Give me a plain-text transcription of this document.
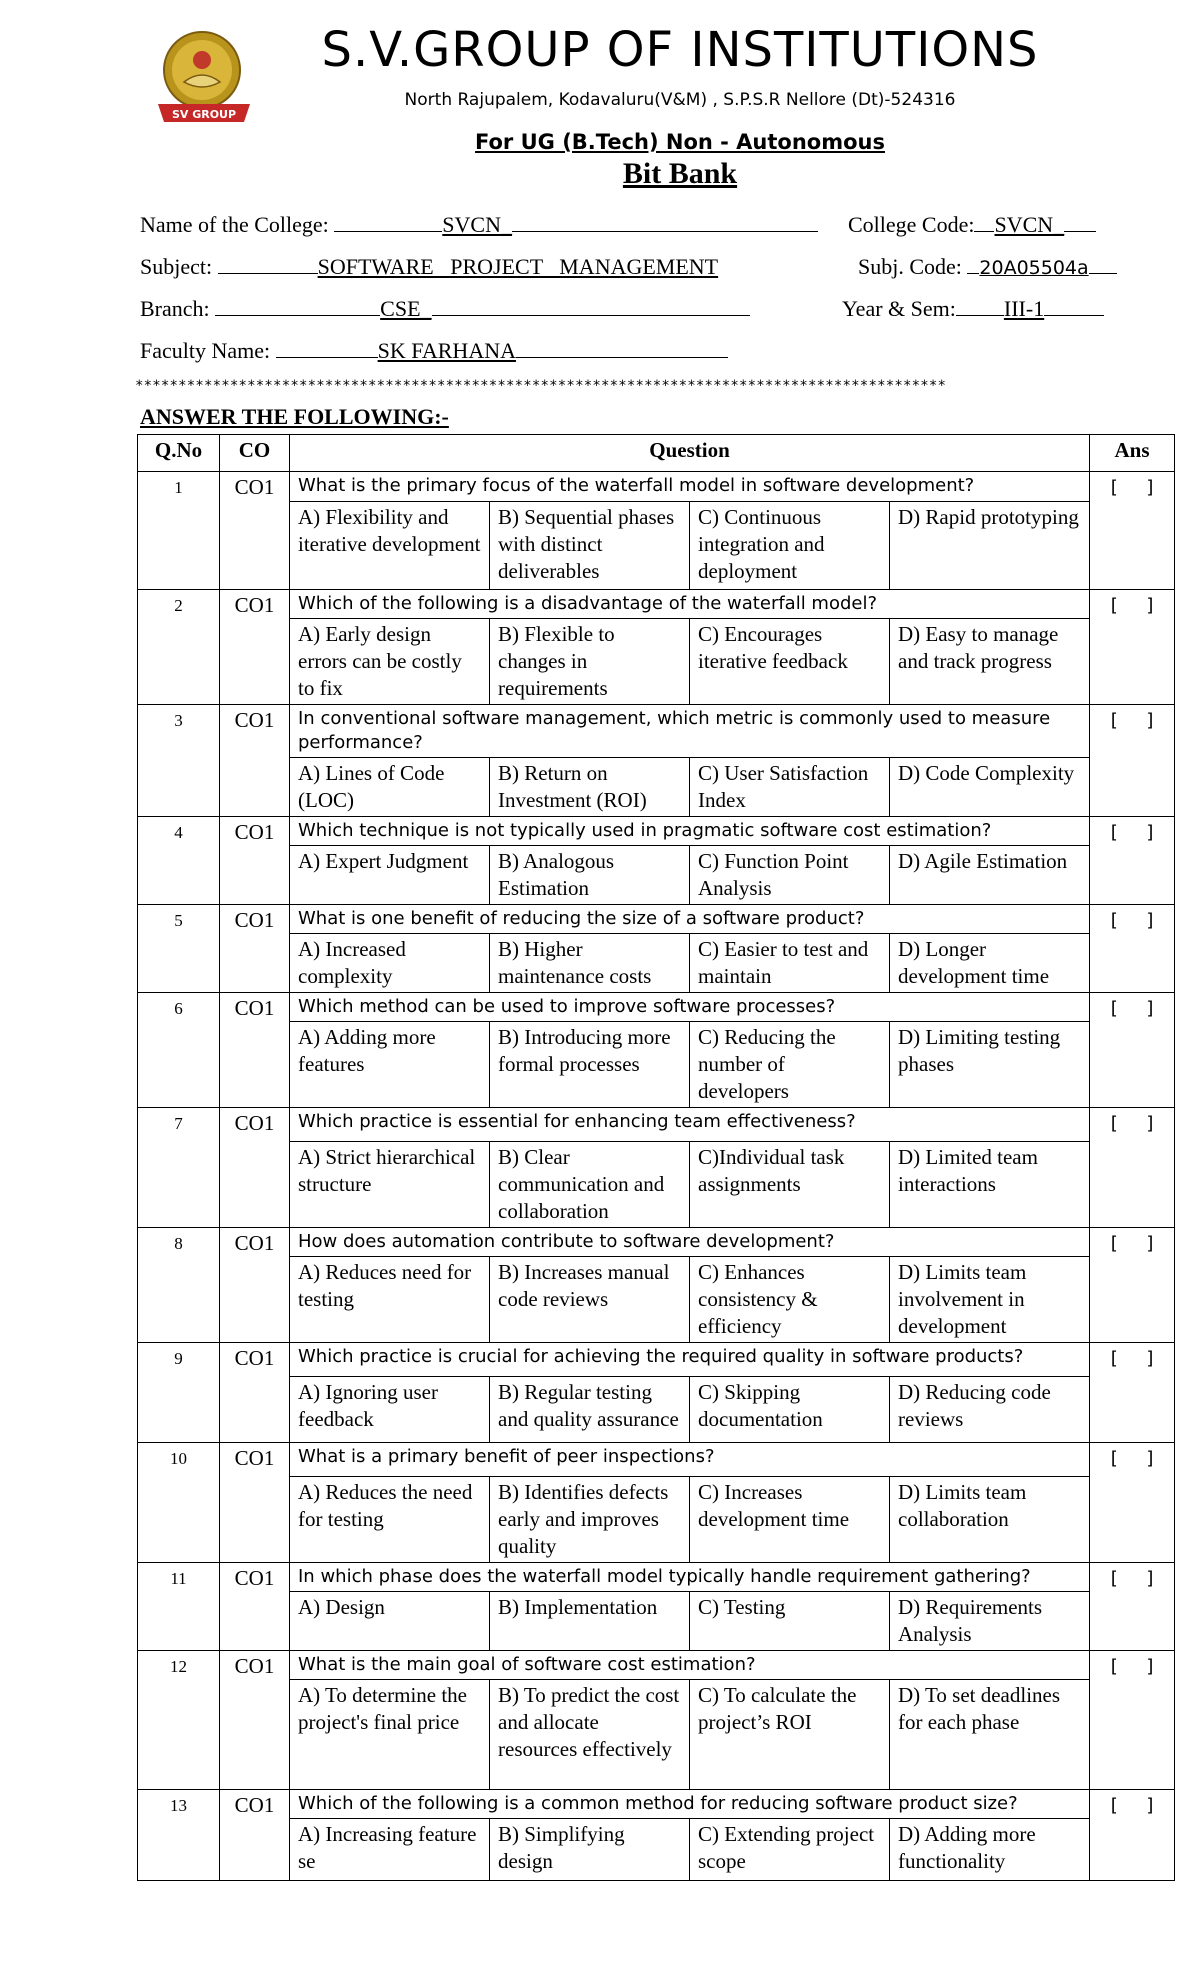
SV GROUP
S.V.GROUP OF INSTITUTIONS
North Rajupalem, Kodavaluru(V&M) , S.P.S.R Nellore (Dt)-524316
For UG (B.Tech) Non - Autonomous
Bit Bank
Name of the College:	SVCN_	College Code: SVCN_
Subject:	SOFTWARE   PROJECT   MANAGEMENT	Subj. Code: 20A05504a
Branch:	CSE_	Year & Sem: III-1
Faculty Name:	SK FARHANA
**********************************************************************************************
ANSWER THE FOLLOWING:-
Q.No	CO	Question				Ans
1	CO1	What is the primary focus of the waterfall model in software development?				[     ]
		A) Flexibility and iterative development	B) Sequential phases with distinct deliverables	C) Continuous integration and deployment	D) Rapid prototyping	
2	CO1	Which of the following is a disadvantage of the waterfall model?				[     ]
		A) Early design errors can be costly to fix	B) Flexible to changes in requirements	C) Encourages iterative feedback	D) Easy to manage and track progress	
3	CO1	In conventional software management, which metric is commonly used to measure performance?				[     ]
		A) Lines of Code (LOC)	B) Return on Investment (ROI)	C) User Satisfaction Index	D) Code Complexity	
4	CO1	Which technique is not typically used in pragmatic software cost estimation?				[     ]
		A) Expert Judgment	B) Analogous Estimation	C) Function Point Analysis	D) Agile Estimation	
5	CO1	What is one benefit of reducing the size of a software product?				[     ]
		A) Increased complexity	B) Higher maintenance costs	C) Easier to test and maintain	D) Longer development time	
6	CO1	Which method can be used to improve software processes?				[     ]
		A) Adding more features	B) Introducing more formal processes	C) Reducing the number of developers	D) Limiting testing phases	
7	CO1	Which practice is essential for enhancing team effectiveness?				[     ]
		A) Strict hierarchical structure	B) Clear communication and collaboration	C)Individual task assignments	D) Limited team interactions	
8	CO1	How does automation contribute to software development?				[     ]
		A) Reduces need for testing	B) Increases manual code reviews	C) Enhances consistency & efficiency	D) Limits team involvement in development	
9	CO1	Which practice is crucial for achieving the required quality in software products?				[     ]
		A) Ignoring user feedback	B) Regular testing and quality assurance	C) Skipping documentation	D) Reducing code reviews	
10	CO1	What is a primary benefit of peer inspections?				[     ]
		A) Reduces the need for testing	B) Identifies defects early and improves quality	C) Increases development time	D) Limits team collaboration	
11	CO1	In which phase does the waterfall model typically handle requirement gathering?				[     ]
		A) Design	B) Implementation	C) Testing	D) Requirements Analysis	
12	CO1	What is the main goal of software cost estimation?				[     ]
		A) To determine the project's final price	B) To predict the cost and allocate resources effectively	C) To calculate the project’s ROI	D) To set deadlines for each phase	
13	CO1	Which of the following is a common method for reducing software product size?				[     ]
		A) Increasing feature se	B) Simplifying design	C) Extending project scope	D) Adding more functionality	
